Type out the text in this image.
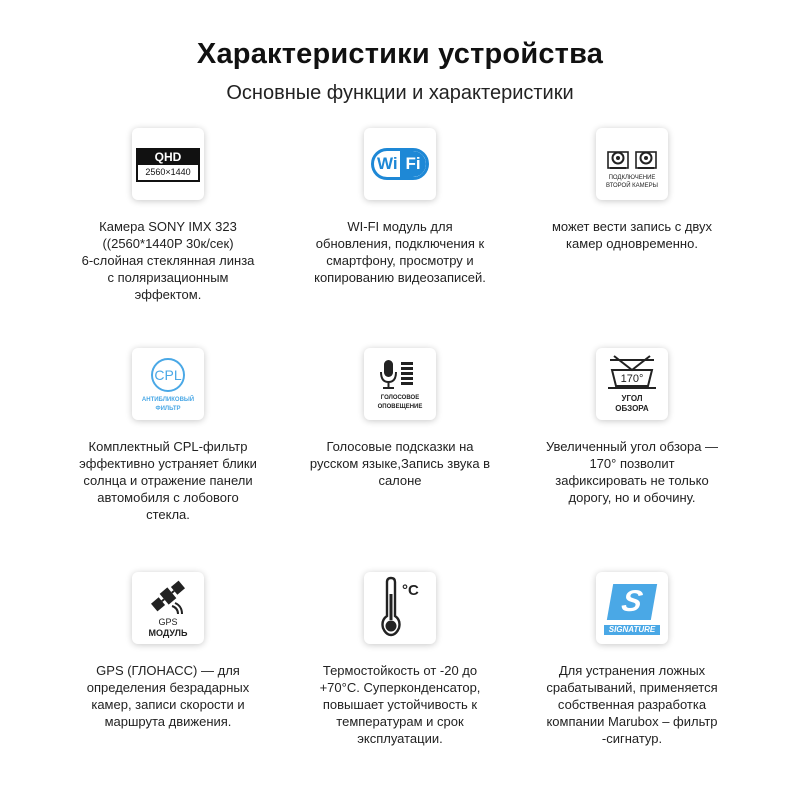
Характеристики устройства
Основные функции и характеристики
QHD
2560×1440
Камера SONY IMX 323
((2560*1440P 30к/сек)
6-слойная стеклянная линза
с поляризационным
эффектом.
Wi Fi
WI-FI модуль для
обновления, подключения к
смартфону, просмотру и
копированию видеозаписей.
ПОДКЛЮЧЕНИЕ
ВТОРОЙ КАМЕРЫ
может вести запись с двух
камер одновременно.
CPL
АНТИБЛИКОВЫЙ
ФИЛЬТР
Комплектный CPL-фильтр
эффективно устраняет блики
солнца и отражение панели
автомобиля с лобового
стекла.
ГОЛОСОВОЕ
ОПОВЕЩЕНИЕ
Голосовые подсказки на
русском языке,Запись звука в
салоне
170°
УГОЛ
ОБЗОРА
Увеличенный угол обзора —
170° позволит
зафиксировать не только
дорогу, но и обочину.
GPS
МОДУЛЬ
GPS (ГЛОНАСС) — для
определения безрадарных
камер, записи скорости и
маршрута движения.
°C
Термостойкость от -20 до
+70°C. Суперконденсатор,
повышает устойчивость к
температурам и срок
эксплуатации.
S
SIGNATURE
Для устранения ложных
срабатываний, применяется
собственная разработка
компании Marubox – фильтр
-сигнатур.
